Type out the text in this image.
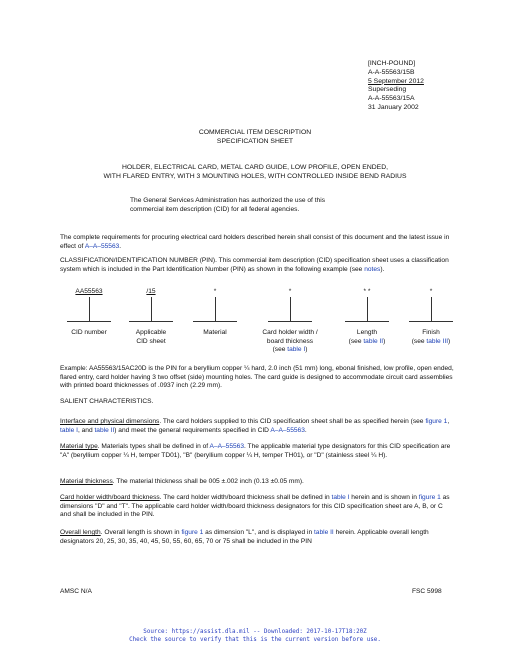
[INCH-POUND]
A-A-55563/15B
5 September 2012
Superseding
A-A-55563/15A
31 January 2002
COMMERCIAL ITEM DESCRIPTION
SPECIFICATION SHEET
HOLDER, ELECTRICAL CARD, METAL CARD GUIDE, LOW PROFILE, OPEN ENDED,
WITH FLARED ENTRY, WITH 3 MOUNTING HOLES, WITH CONTROLLED INSIDE BEND RADIUS
The General Services Administration has authorized the use of this
commercial item description (CID) for all federal agencies.
The complete requirements for procuring electrical card holders described herein shall consist of this document and the latest issue in effect of A–A–55563.
CLASSIFICATION/IDENTIFICATION NUMBER (PIN). This commercial item description (CID) specification sheet uses a classification system which is included in the Part Identification Number (PIN) as shown in the following example (see notes).
AA55563
CID number
/15
Applicable
CID sheet
*
Material
*
Card holder width /
board thickness
(see table I)
* *
Length
(see table II)
*
Finish
(see table III)
Example: AA55563/15AC20D is the PIN for a beryllium copper ¼ hard, 2.0 inch (51 mm) long, ebonal finished, low profile, open ended, flared entry, card holder having 3 two offset (side) mounting holes. The card guide is designed to accommodate circuit card assemblies with printed board thicknesses of .0937 inch (2.29 mm).
SALIENT CHARACTERISTICS.
Interface and physical dimensions. The card holders supplied to this CID specification sheet shall be as specified herein (see figure 1, table I, and table II) and meet the general requirements specified in CID A–A–55563.
Material type. Materials types shall be defined in of A–A–55563. The applicable material type designators for this CID specification are "A" (beryllium copper ¼ H, temper TD01), "B" (beryllium copper ¼ H, temper TH01), or "D" (stainless steel ¼ H).
Material thickness. The material thickness shall be 005 ±.002 inch (0.13 ±0.05 mm).
Card holder width/board thickness. The card holder width/board thickness shall be defined in table I herein and is shown in figure 1 as dimensions "D" and "T". The applicable card holder width/board thickness designators for this CID specification sheet are A, B, or C and shall be included in the PIN.
Overall length. Overall length is shown in figure 1 as dimension "L", and is displayed in table II herein. Applicable overall length designators 20, 25, 30, 35, 40, 45, 50, 55, 60, 65, 70 or 75 shall be included in the PIN
AMSC N/A	FSC 5998
Source: https://assist.dla.mil -- Downloaded: 2017-10-17T18:20Z
Check the source to verify that this is the current version before use.
